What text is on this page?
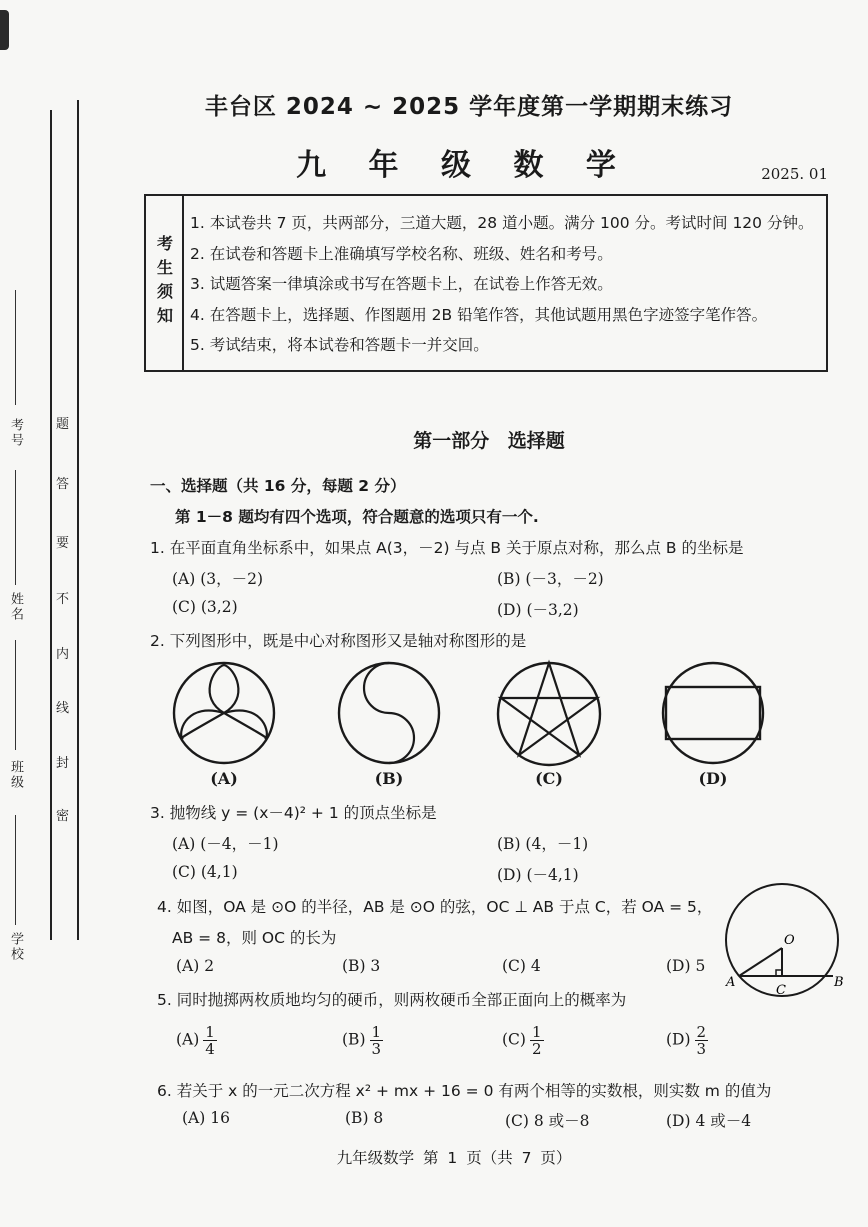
题
答
要
不
内
线
封
密
考号
姓名
班级
学校
丰台区 2024 ~ 2025 学年度第一学期期末练习
九 年 级 数 学	2025. 01
考生须知
1. 本试卷共 7 页，共两部分，三道大题，28 道小题。满分 100 分。考试时间 120 分钟。
2. 在试卷和答题卡上准确填写学校名称、班级、姓名和考号。
3. 试题答案一律填涂或书写在答题卡上，在试卷上作答无效。
4. 在答题卡上，选择题、作图题用 2B 铅笔作答，其他试题用黑色字迹签字笔作答。
5. 考试结束，将本试卷和答题卡一并交回。
第一部分 选择题
一、选择题（共 16 分，每题 2 分）
第 1－8 题均有四个选项，符合题意的选项只有一个.
1. 在平面直角坐标系中，如果点 A(3，－2) 与点 B 关于原点对称，那么点 B 的坐标是
(A) (3，－2)	(B) (－3，－2)
(C) (3,2)	(D) (－3,2)
2. 下列图形中，既是中心对称图形又是轴对称图形的是
(A)	(B)	(C)	(D)
3. 抛物线 y = (x－4)² + 1 的顶点坐标是
(A) (－4，－1)	(B) (4，－1)
(C) (4,1)	(D) (－4,1)
4. 如图，OA 是 ⊙O 的半径，AB 是 ⊙O 的弦，OC ⊥ AB 于点 C，若 OA = 5，
AB = 8，则 OC 的长为
(A) 2	(B) 3	(C) 4	(D) 5
O
A	B
C
5. 同时抛掷两枚质地均匀的硬币，则两枚硬币全部正面向上的概率为
$(A) \frac{1}{4}$	$(B) \frac{1}{3}$	$(C) \frac{1}{2}$	$(D) \frac{2}{3}$
6. 若关于 x 的一元二次方程 x² + mx + 16 = 0 有两个相等的实数根，则实数 m 的值为
(A) 16	(B) 8	(C) 8 或－8	(D) 4 或－4
九年级数学 第 1 页（共 7 页）
